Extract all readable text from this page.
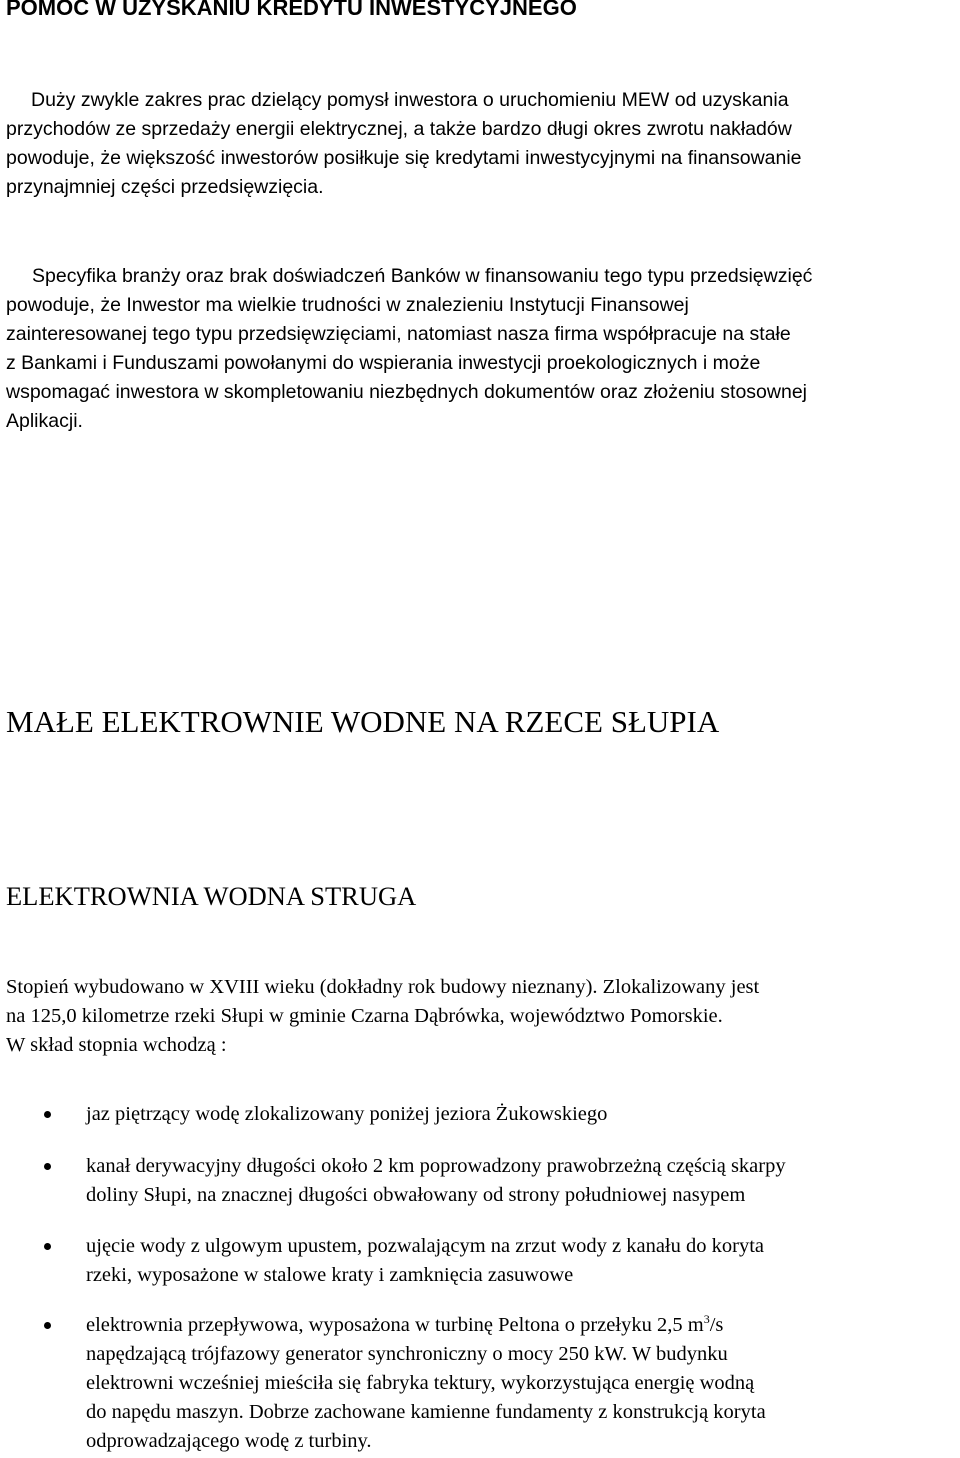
POMOC W UZYSKANIU KREDYTU INWESTYCYJNEGO

Duży zwykle zakres prac dzielący pomysł inwestora o uruchomieniu MEW od uzyskania
przychodów ze sprzedaży energii elektrycznej, a także bardzo długi okres zwrotu nakładów
powoduje, że większość inwestorów posiłkuje się kredytami inwestycyjnymi na finansowanie
przynajmniej części przedsięwzięcia.

Specyfika branży oraz brak doświadczeń Banków w finansowaniu tego typu przedsięwzięć
powoduje, że Inwestor ma wielkie trudności w znalezieniu Instytucji Finansowej
zainteresowanej tego typu przedsięwzięciami, natomiast nasza firma współpracuje na stałe
z Bankami i Funduszami powołanymi do wspierania inwestycji proekologicznych i może
wspomagać inwestora w skompletowaniu niezbędnych dokumentów oraz złożeniu stosownej
Aplikacji.

MAŁE ELEKTROWNIE WODNE NA RZECE SŁUPIA
ELEKTROWNIA WODNA STRUGA

Stopień wybudowano w XVIII wieku (dokładny rok budowy nieznany). Zlokalizowany jest
na 125,0 kilometrze rzeki Słupi w gminie Czarna Dąbrówka, województwo Pomorskie.
W skład stopnia wchodzą :

jaz piętrzący wodę zlokalizowany poniżej jeziora Żukowskiego
kanał derywacyjny długości około 2 km poprowadzony prawobrzeżną częścią skarpy
doliny Słupi, na znacznej długości obwałowany od strony południowej nasypem
ujęcie wody z ulgowym upustem, pozwalającym na zrzut wody z kanału do koryta
rzeki, wyposażone w stalowe kraty i zamknięcia zasuwowe
elektrownia przepływowa, wyposażona w turbinę Peltona o przełyku 2,5 $m^3/s$
napędzającą trójfazowy generator synchroniczny o mocy 250 kW. W budynku
elektrowni wcześniej mieściła się fabryka tektury, wykorzystująca energię wodną
do napędu maszyn. Dobrze zachowane kamienne fundamenty z konstrukcją koryta
odprowadzającego wodę z turbiny.
